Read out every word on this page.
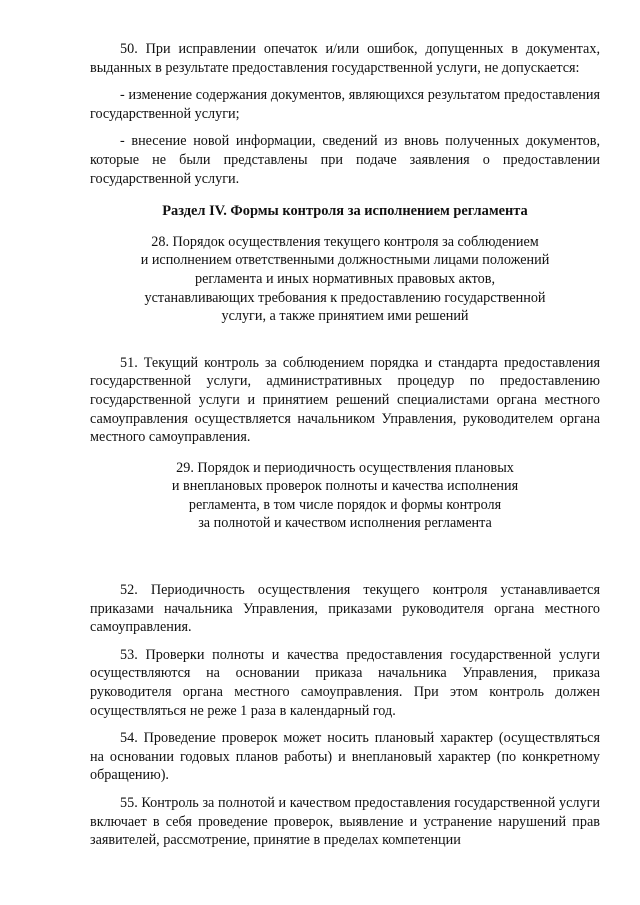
50. При исправлении опечаток и/или ошибок, допущенных в документах, выданных в результате предоставления государственной услуги, не допускается:

- изменение содержания документов, являющихся результатом предоставления государственной услуги;

- внесение новой информации, сведений из вновь полученных документов, которые не были представлены при подаче заявления о предоставлении государственной услуги.

Раздел IV. Формы контроля за исполнением регламента
28. Порядок осуществления текущего контроля за соблюдением
и исполнением ответственными должностными лицами положений
регламента и иных нормативных правовых актов,
устанавливающих требования к предоставлению государственной
услуги, а также принятием ими решений

51. Текущий контроль за соблюдением порядка и стандарта предоставления государственной услуги, административных процедур по предоставлению государственной услуги и принятием решений специалистами органа местного самоуправления осуществляется начальником Управления, руководителем органа местного самоуправления.

29. Порядок и периодичность осуществления плановых
и внеплановых проверок полноты и качества исполнения
регламента, в том числе порядок и формы контроля
за полнотой и качеством исполнения регламента

52. Периодичность осуществления текущего контроля устанавливается приказами начальника Управления, приказами руководителя органа местного самоуправления.

53. Проверки полноты и качества предоставления государственной услуги осуществляются на основании приказа начальника Управления, приказа руководителя органа местного самоуправления. При этом контроль должен осуществляться не реже 1 раза в календарный год.

54. Проведение проверок может носить плановый характер (осуществляться на основании годовых планов работы) и внеплановый характер (по конкретному обращению).

55. Контроль за полнотой и качеством предоставления государственной услуги включает в себя проведение проверок, выявление и устранение нарушений прав заявителей, рассмотрение, принятие в пределах компетенции
